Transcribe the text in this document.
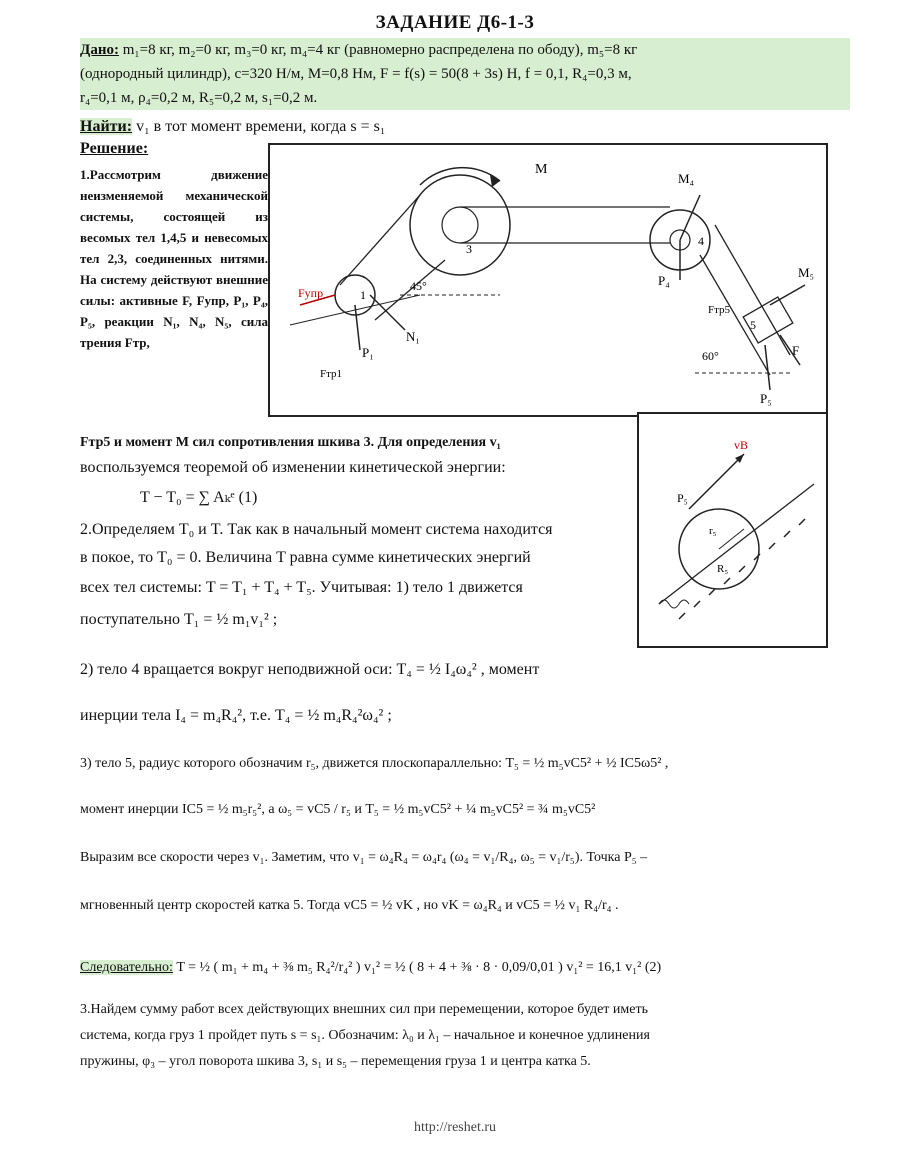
ЗАДАНИЕ Д6-1-3
Дано: m₁=8 кг, m₂=0 кг, m₃=0 кг, m₄=4 кг (равномерно распределена по ободу), m₅=8 кг
(однородный цилиндр), c=320 Н/м, M=0,8 Нм, F = f(s) = 50(8 + 3s) Н, f = 0,1, R₄=0,3 м,
r₄=0,1 м, ρ₄=0,2 м, R₅=0,2 м, s₁=0,2 м.
Найти: v₁ в тот момент времени, когда s = s₁
Решение:
1.Рассмотрим движение неизменяемой механической системы, состоящей из весомых тел 1,4,5 и невесомых тел 2,3, соединенных нитями. На систему действуют внешние силы: активные F, Fупр, P₁, P₄, P₅, реакции N₁, N₄, N₅, сила трения Fтр,
M
3
4
M₄
P₄
5
M₅
Fтр5
F
60°
P₅
1
45°
Fупр
P₁
N₁
Fтр1
vB
P₅
r₅
R₅
Fтр5 и момент M сил сопротивления шкива 3. Для определения v₁
воспользуемся теоремой об изменении кинетической энергии:
T − T₀ = ∑ Aₖᵉ (1)
2.Определяем T₀ и T. Так как в начальный момент система находится
в покое, то T₀ = 0. Величина T равна сумме кинетических энергий
всех тел системы: T = T₁ + T₄ + T₅. Учитывая: 1) тело 1 движется
поступательно T₁ = ½ m₁v₁² ;
2) тело 4 вращается вокруг неподвижной оси: T₄ = ½ I₄ω₄² , момент
инерции тела I₄ = m₄R₄², т.е. T₄ = ½ m₄R₄²ω₄² ;
3) тело 5, радиус которого обозначим r₅, движется плоскопараллельно: T₅ = ½ m₅vC5² + ½ IC5ω5² ,
момент инерции IC5 = ½ m₅r₅², а ω₅ = vC5 / r₅ и T₅ = ½ m₅vC5² + ¼ m₅vC5² = ¾ m₅vC5²
Выразим все скорости через v₁. Заметим, что v₁ = ω₄R₄ = ω₄r₄ (ω₄ = v₁/R₄, ω₅ = v₁/r₅). Точка P₅ –
мгновенный центр скоростей катка 5. Тогда vC5 = ½ vK , но vK = ω₄R₄ и vC5 = ½ v₁ R₄/r₄ .
Следовательно: T = ½ ( m₁ + m₄ + ⅜ m₅ R₄²/r₄² ) v₁² = ½ ( 8 + 4 + ⅜ · 8 · 0,09/0,01 ) v₁² = 16,1 v₁² (2)
3.Найдем сумму работ всех действующих внешних сил при перемещении, которое будет иметь
система, когда груз 1 пройдет путь s = s₁. Обозначим: λ₀ и λ₁ – начальное и конечное удлинения
пружины, φ₃ – угол поворота шкива 3, s₁ и s₅ – перемещения груза 1 и центра катка 5.
http://reshet.ru
